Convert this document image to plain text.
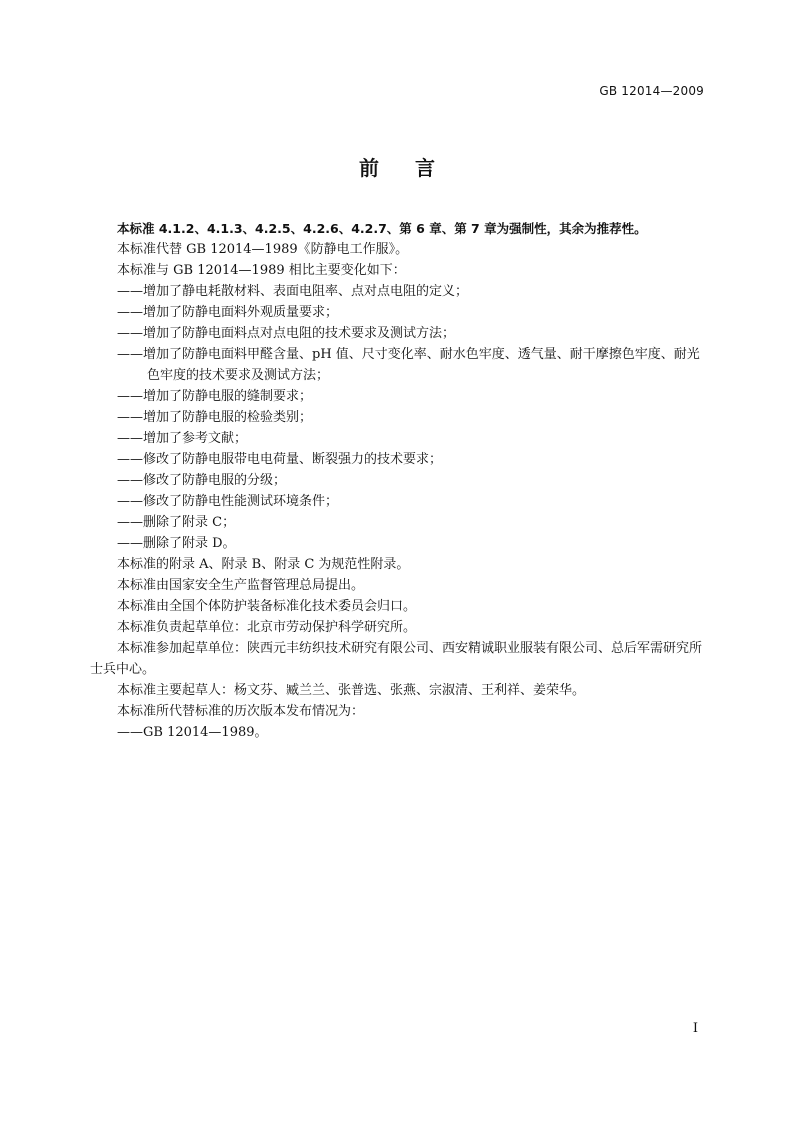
GB 12014—2009
前言

本标准 4.1.2、4.1.3、4.2.5、4.2.6、4.2.7、第 6 章、第 7 章为强制性，其余为推荐性。

本标准代替 GB 12014—1989《防静电工作服》。

本标准与 GB 12014—1989 相比主要变化如下：

——增加了静电耗散材料、表面电阻率、点对点电阻的定义；

——增加了防静电面料外观质量要求；

——增加了防静电面料点对点电阻的技术要求及测试方法；

——增加了防静电面料甲醛含量、pH 值、尺寸变化率、耐水色牢度、透气量、耐干摩擦色牢度、耐光色牢度的技术要求及测试方法；

——增加了防静电服的缝制要求；

——增加了防静电服的检验类别；

——增加了参考文献；

——修改了防静电服带电电荷量、断裂强力的技术要求；

——修改了防静电服的分级；

——修改了防静电性能测试环境条件；

——删除了附录 C；

——删除了附录 D。

本标准的附录 A、附录 B、附录 C 为规范性附录。

本标准由国家安全生产监督管理总局提出。

本标准由全国个体防护装备标准化技术委员会归口。

本标准负责起草单位：北京市劳动保护科学研究所。

本标准参加起草单位：陕西元丰纺织技术研究有限公司、西安精诚职业服装有限公司、总后军需研究所士兵中心。

本标准主要起草人：杨文芬、臧兰兰、张普选、张燕、宗淑清、王利祥、姜荣华。

本标准所代替标准的历次版本发布情况为：

——GB 12014—1989。

I
